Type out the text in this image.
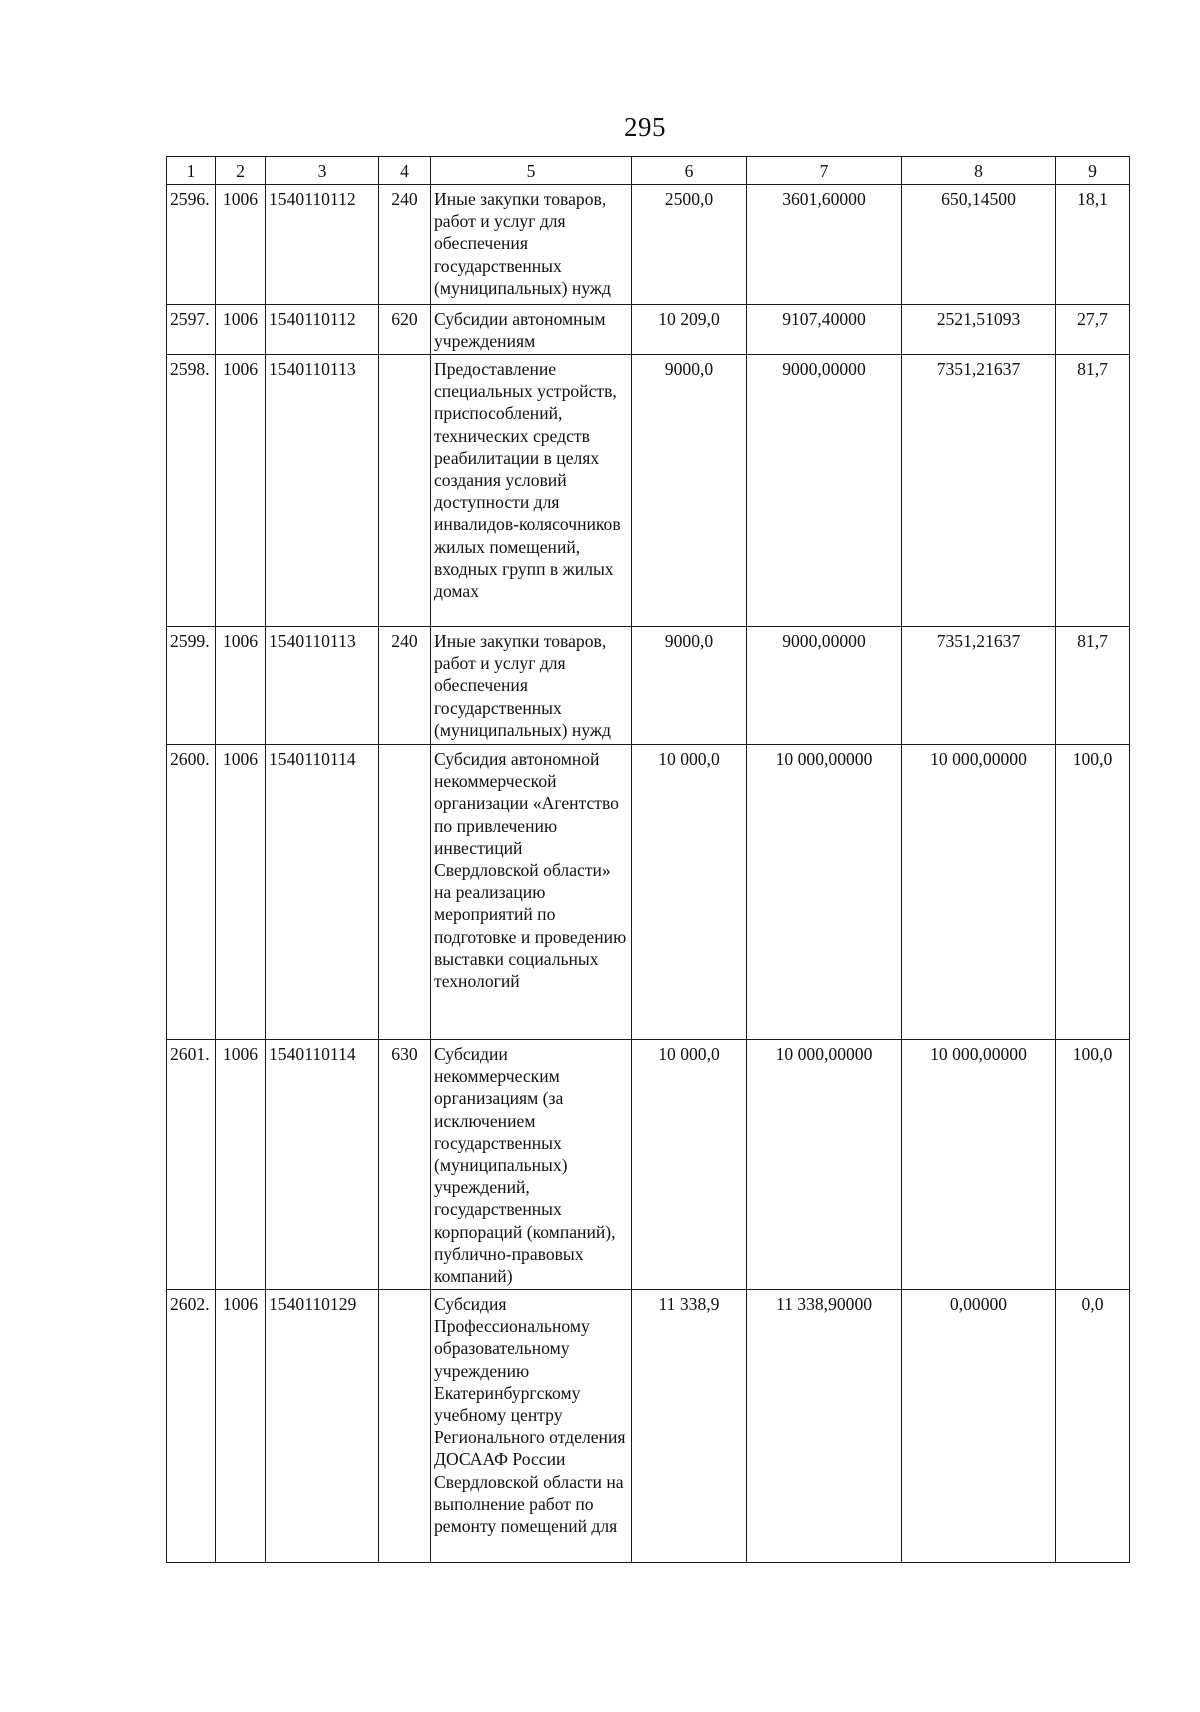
295
1	2	3	4	5	6	7	8	9
2596.	1006	1540110112	240	Иные закупки товаров, работ и услуг для обеспечения государственных (муниципальных) нужд	2500,0	3601,60000	650,14500	18,1
2597.	1006	1540110112	620	Субсидии автономным учреждениям	10 209,0	9107,40000	2521,51093	27,7
2598.	1006	1540110113		Предоставление специальных устройств, приспособлений, технических средств реабилитации в целях создания условий доступности для инвалидов-колясочников жилых помещений, входных групп в жилых домах	9000,0	9000,00000	7351,21637	81,7
2599.	1006	1540110113	240	Иные закупки товаров, работ и услуг для обеспечения государственных (муниципальных) нужд	9000,0	9000,00000	7351,21637	81,7
2600.	1006	1540110114		Субсидия автономной некоммерческой организации «Агентство по привлечению инвестиций Свердловской области» на реализацию мероприятий по подготовке и проведению выставки социальных технологий	10 000,0	10 000,00000	10 000,00000	100,0
2601.	1006	1540110114	630	Субсидии некоммерческим организациям (за исключением государственных (муниципальных) учреждений, государственных корпораций (компаний), публично-правовых компаний)	10 000,0	10 000,00000	10 000,00000	100,0
2602.	1006	1540110129		Субсидия Профессиональному образовательному учреждению Екатеринбургскому учебному центру Регионального отделения ДОСААФ России Свердловской области на выполнение работ по ремонту помещений для	11 338,9	11 338,90000	0,00000	0,0
